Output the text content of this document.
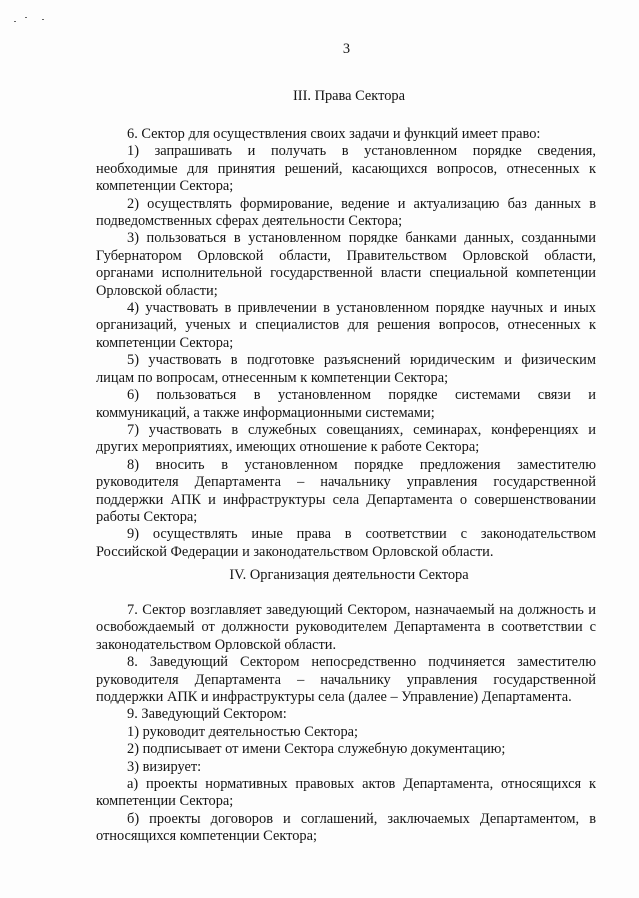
3
III. Права Сектора

6. Сектор для осуществления своих задачи и функций имеет право:

1) запрашивать и получать в установленном порядке сведения, необходимые для принятия решений, касающихся вопросов, отнесенных к компетенции Сектора;

2) осуществлять формирование, ведение и актуализацию баз данных в подведомственных сферах деятельности Сектора;

3) пользоваться в установленном порядке банками данных, созданными Губернатором Орловской области, Правительством Орловской области, органами исполнительной государственной власти специальной компетенции Орловской области;

4) участвовать в привлечении в установленном порядке научных и иных организаций, ученых и специалистов для решения вопросов, отнесенных к компетенции Сектора;

5) участвовать в подготовке разъяснений юридическим и физическим лицам по вопросам, отнесенным к компетенции Сектора;

6) пользоваться в установленном порядке системами связи и коммуникаций, а также информационными системами;

7) участвовать в служебных совещаниях, семинарах, конференциях и других мероприятиях, имеющих отношение к работе Сектора;

8) вносить в установленном порядке предложения заместителю руководителя Департамента – начальнику управления государственной поддержки АПК и инфраструктуры села Департамента о совершенствовании работы Сектора;

9) осуществлять иные права в соответствии с законодательством Российской Федерации и законодательством Орловской области.

IV. Организация деятельности Сектора

7. Сектор возглавляет заведующий Сектором, назначаемый на должность и освобождаемый от должности руководителем Департамента в соответствии с законодательством Орловской области.

8. Заведующий Сектором непосредственно подчиняется заместителю руководителя Департамента – начальнику управления государственной поддержки АПК и инфраструктуры села (далее – Управление) Департамента.

9. Заведующий Сектором:

1) руководит деятельностью Сектора;

2) подписывает от имени Сектора служебную документацию;

3) визирует:

а) проекты нормативных правовых актов Департамента, относящихся к компетенции Сектора;

б) проекты договоров и соглашений, заключаемых Департаментом, в относящихся компетенции Сектора;
